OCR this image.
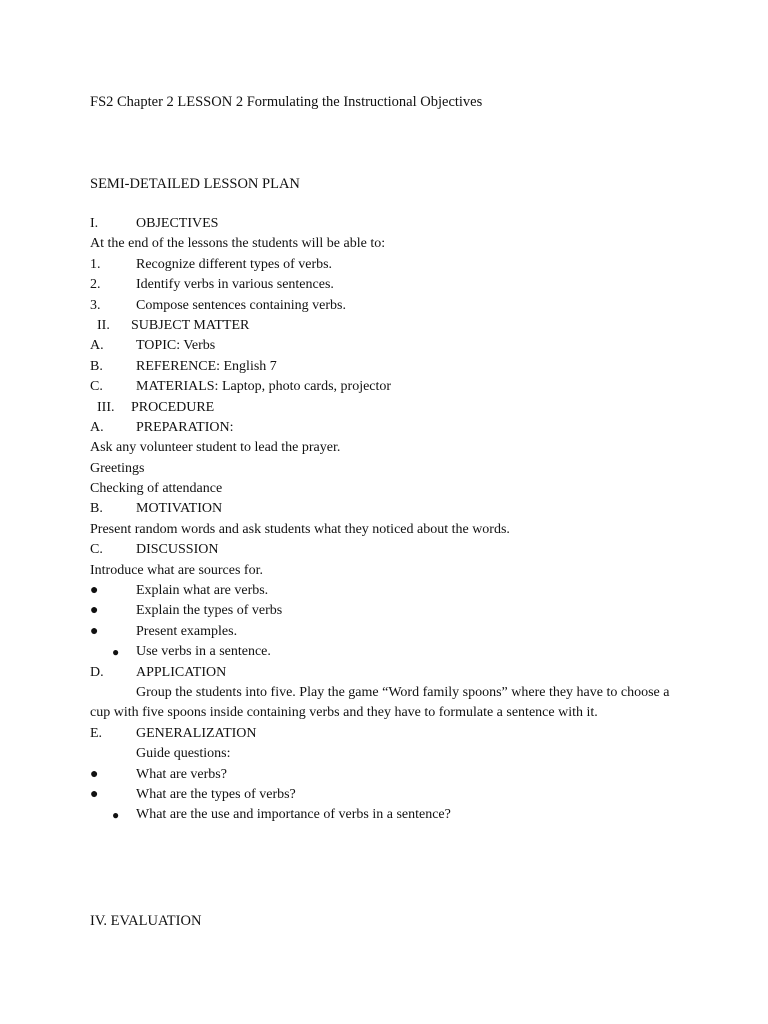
FS2 Chapter 2 LESSON 2 Formulating the Instructional Objectives
SEMI-DETAILED LESSON PLAN
I.	OBJECTIVES
At the end of the lessons the students will be able to:
1.	Recognize different types of verbs.
2.	Identify verbs in various sentences.
3.	Compose sentences containing verbs.
II. SUBJECT MATTER
A. TOPIC: Verbs
B. REFERENCE: English 7
C. MATERIALS: Laptop, photo cards, projector
III. PROCEDURE
A. PREPARATION:
Ask any volunteer student to lead the prayer.
Greetings
Checking of attendance
B. MOTIVATION
Present random words and ask students what they noticed about the words.
C. DISCUSSION
Introduce what are sources for.
●	Explain what are verbs.
●	Explain the types of verbs
●	Present examples.
● Use verbs in a sentence.
D. APPLICATION
Group the students into five. Play the game “Word family spoons” where they have to choose a cup with five spoons inside containing verbs and they have to formulate a sentence with it.
E. GENERALIZATION
Guide questions:
●	What are verbs?
●	What are the types of verbs?
● What are the use and importance of verbs in a sentence?
IV. EVALUATION
